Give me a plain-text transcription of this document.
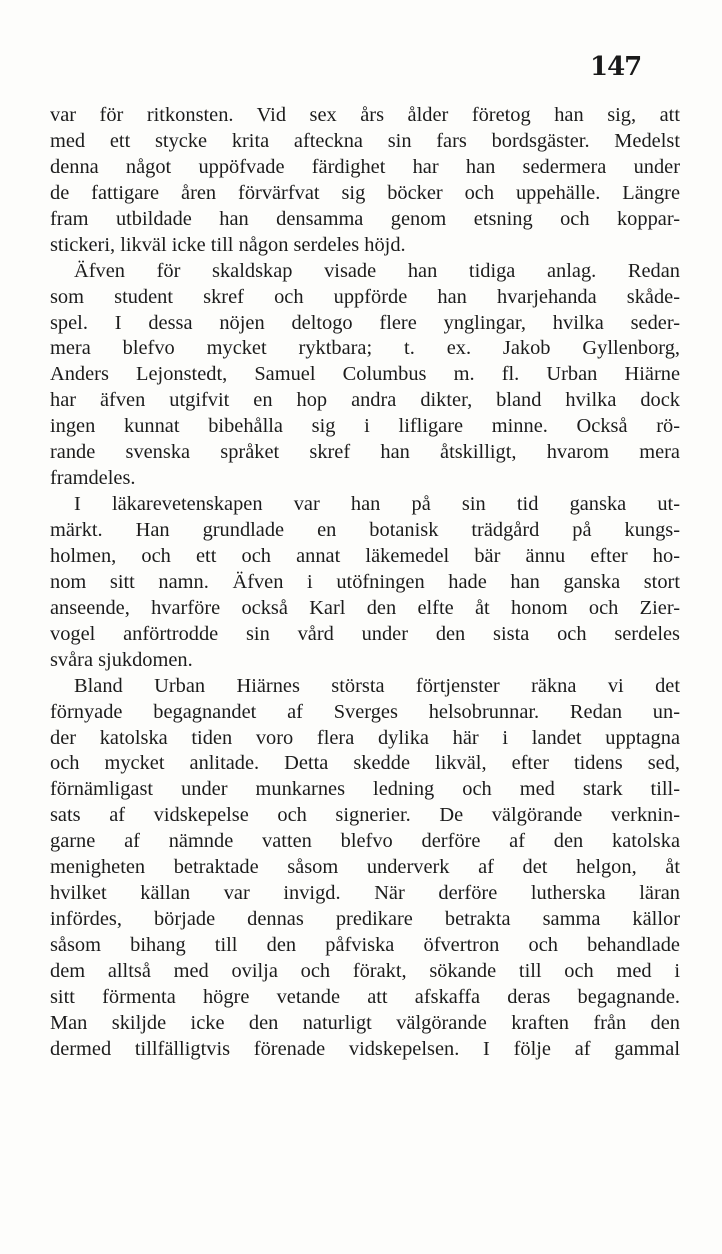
147
var för ritkonsten. Vid sex års ålder företog han sig, att
med ett stycke krita afteckna sin fars bordsgäster. Medelst
denna något uppöfvade färdighet har han sedermera under
de fattigare åren förvärfvat sig böcker och uppehälle. Längre
fram utbildade han densamma genom etsning och koppar-
stickeri, likväl icke till någon serdeles höjd.
Äfven för skaldskap visade han tidiga anlag. Redan
som student skref och uppförde han hvarjehanda skåde-
spel. I dessa nöjen deltogo flere ynglingar, hvilka seder-
mera blefvo mycket ryktbara; t. ex. Jakob Gyllenborg,
Anders Lejonstedt, Samuel Columbus m. fl. Urban Hiärne
har äfven utgifvit en hop andra dikter, bland hvilka dock
ingen kunnat bibehålla sig i lifligare minne. Också rö-
rande svenska språket skref han åtskilligt, hvarom mera
framdeles.
I läkarevetenskapen var han på sin tid ganska ut-
märkt. Han grundlade en botanisk trädgård på kungs-
holmen, och ett och annat läkemedel bär ännu efter ho-
nom sitt namn. Äfven i utöfningen hade han ganska stort
anseende, hvarföre också Karl den elfte åt honom och Zier-
vogel anförtrodde sin vård under den sista och serdeles
svåra sjukdomen.
Bland Urban Hiärnes största förtjenster räkna vi det
förnyade begagnandet af Sverges helsobrunnar. Redan un-
der katolska tiden voro flera dylika här i landet upptagna
och mycket anlitade. Detta skedde likväl, efter tidens sed,
förnämligast under munkarnes ledning och med stark till-
sats af vidskepelse och signerier. De välgörande verknin-
garne af nämnde vatten blefvo derföre af den katolska
menigheten betraktade såsom underverk af det helgon, åt
hvilket källan var invigd. När derföre lutherska läran
infördes, började dennas predikare betrakta samma källor
såsom bihang till den påfviska öfvertron och behandlade
dem alltså med ovilja och förakt, sökande till och med i
sitt förmenta högre vetande att afskaffa deras begagnande.
Man skiljde icke den naturligt välgörande kraften från den
dermed tillfälligtvis förenade vidskepelsen. I följe af gammal
